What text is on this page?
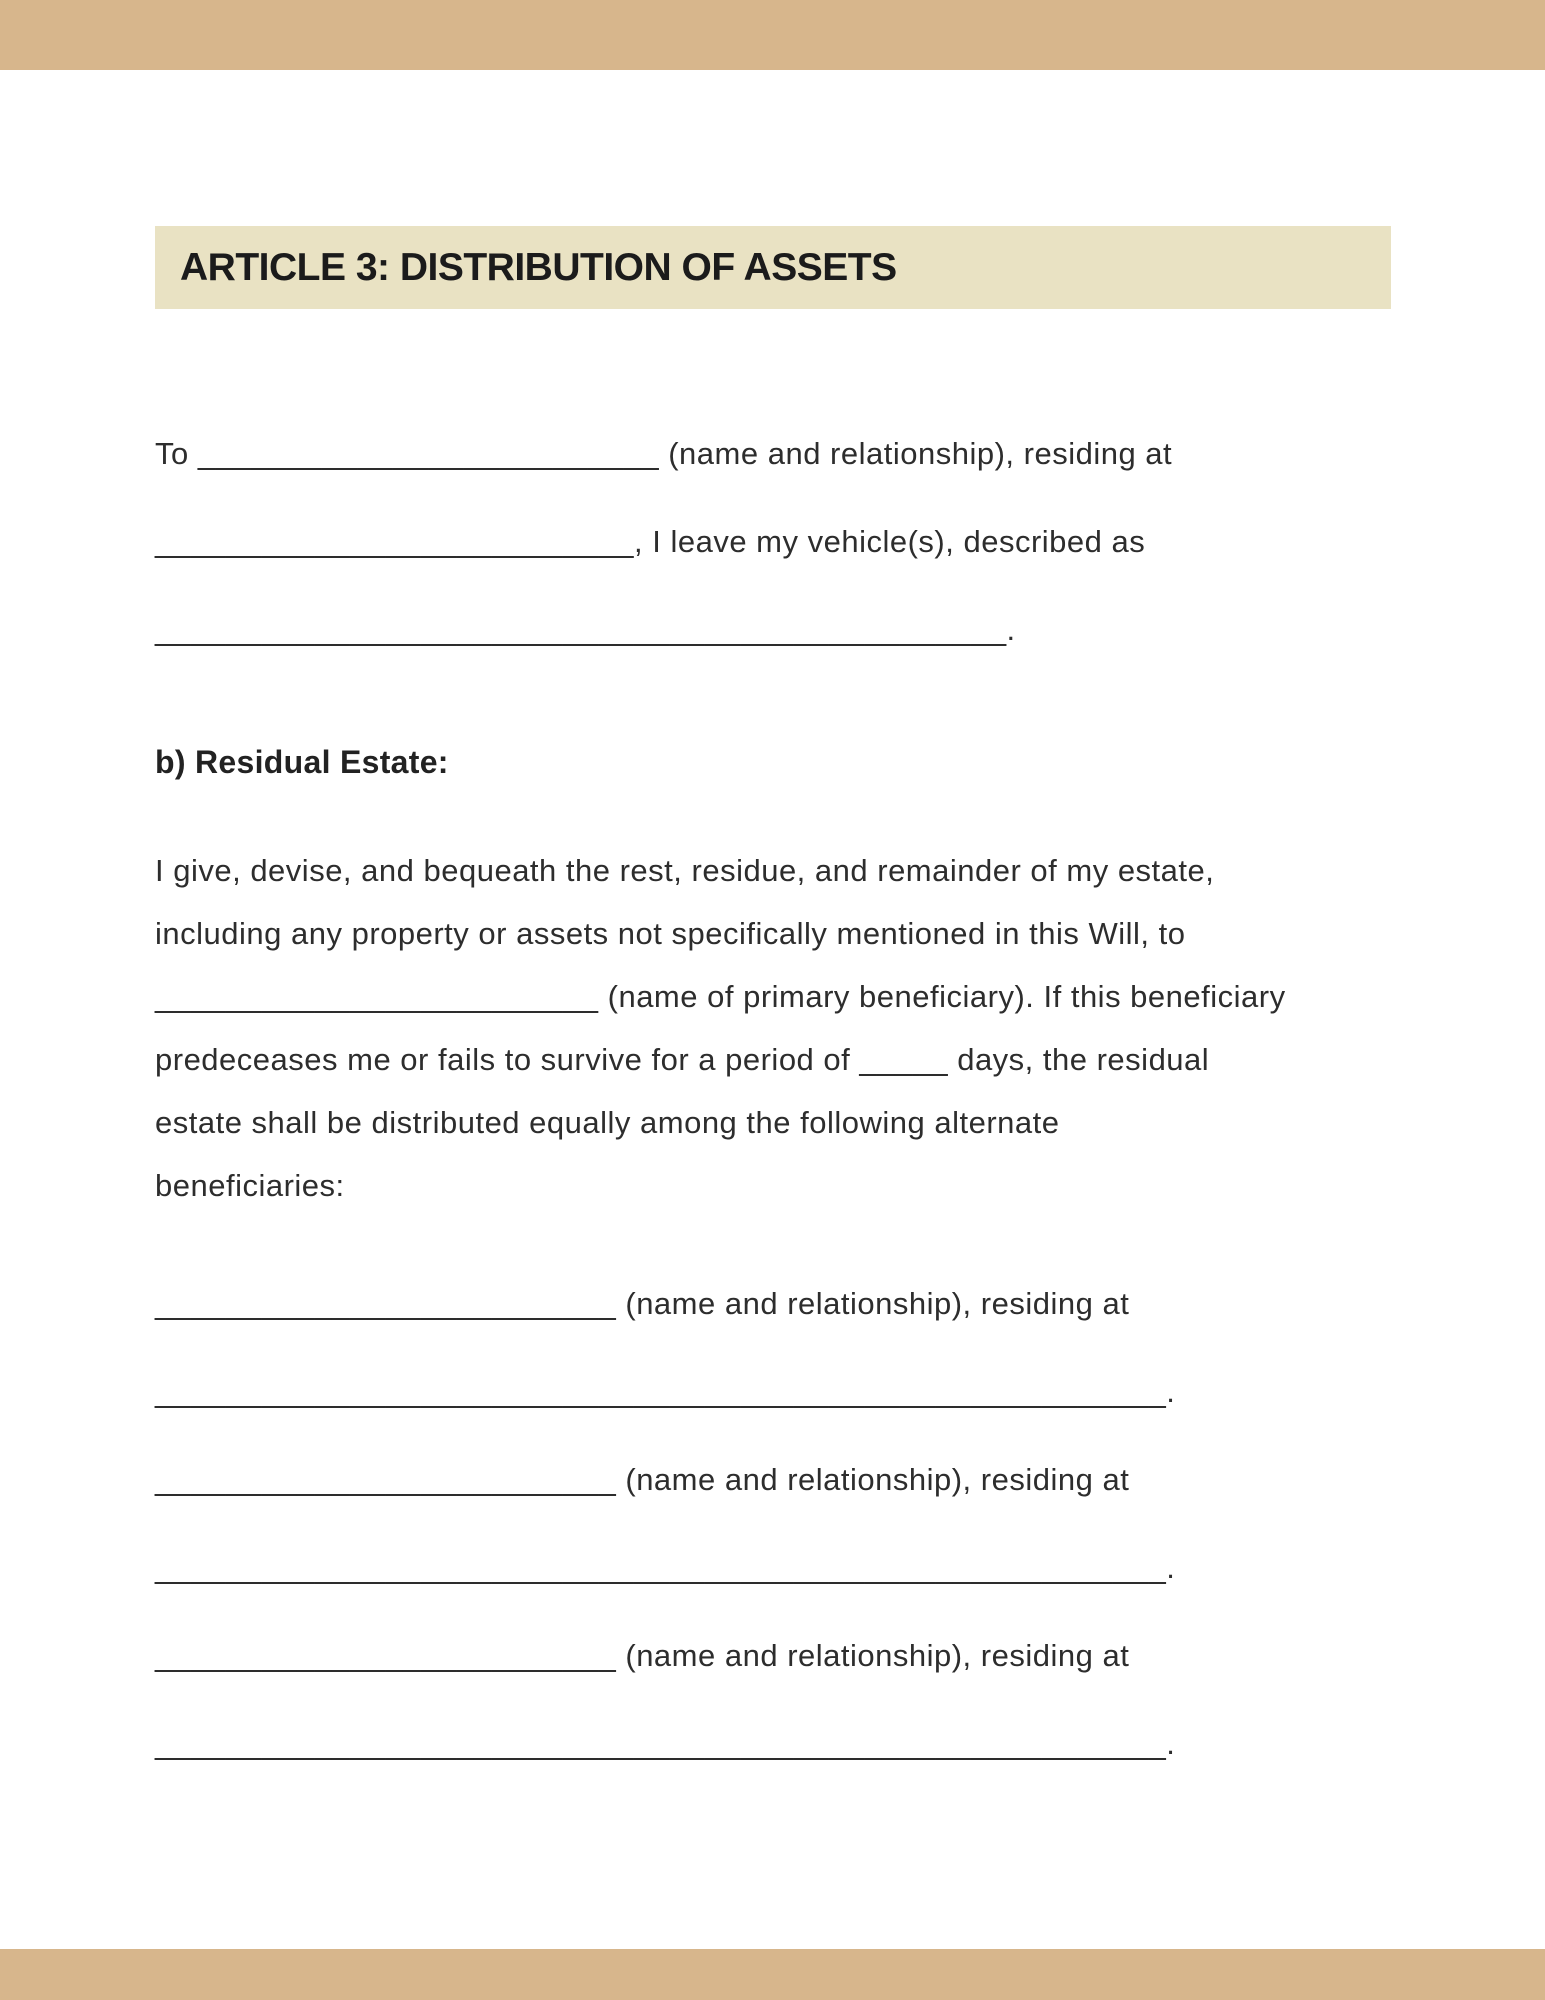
ARTICLE 3: DISTRIBUTION OF ASSETS

To __________________________ (name and relationship), residing at

___________________________, I leave my vehicle(s), described as

________________________________________________.

b) Residual Estate:
I give, devise, and bequeath the rest, residue, and remainder of my estate,
including any property or assets not specifically mentioned in this Will, to
_________________________ (name of primary beneficiary). If this beneficiary
predeceases me or fails to survive for a period of _____ days, the residual
estate shall be distributed equally among the following alternate
beneficiaries:

__________________________ (name and relationship), residing at

_________________________________________________________.

__________________________ (name and relationship), residing at

_________________________________________________________.

__________________________ (name and relationship), residing at

_________________________________________________________.
